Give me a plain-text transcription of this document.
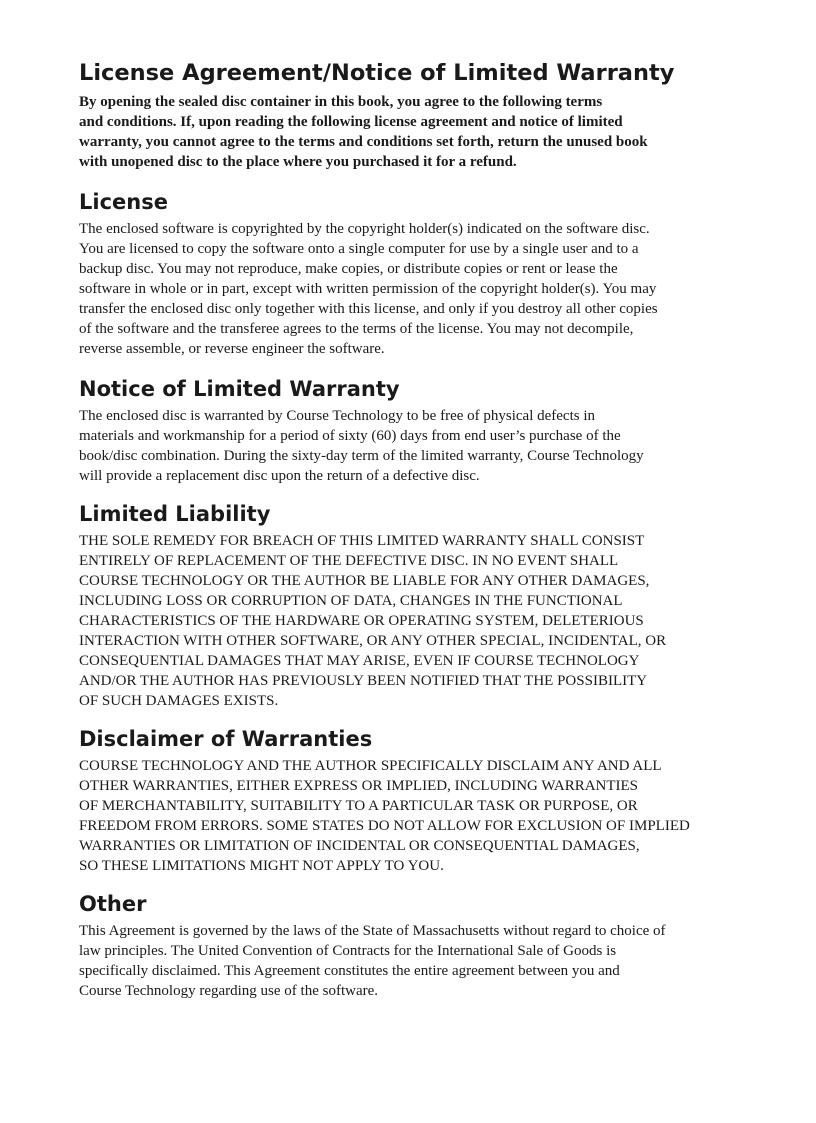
License Agreement/Notice of Limited Warranty

By opening the sealed disc container in this book, you agree to the following terms
and conditions. If, upon reading the following license agreement and notice of limited
warranty, you cannot agree to the terms and conditions set forth, return the unused book
with unopened disc to the place where you purchased it for a refund.

License

The enclosed software is copyrighted by the copyright holder(s) indicated on the software disc.
You are licensed to copy the software onto a single computer for use by a single user and to a
backup disc. You may not reproduce, make copies, or distribute copies or rent or lease the
software in whole or in part, except with written permission of the copyright holder(s). You may
transfer the enclosed disc only together with this license, and only if you destroy all other copies
of the software and the transferee agrees to the terms of the license. You may not decompile,
reverse assemble, or reverse engineer the software.

Notice of Limited Warranty

The enclosed disc is warranted by Course Technology to be free of physical defects in
materials and workmanship for a period of sixty (60) days from end user’s purchase of the
book/disc combination. During the sixty-day term of the limited warranty, Course Technology
will provide a replacement disc upon the return of a defective disc.

Limited Liability

THE SOLE REMEDY FOR BREACH OF THIS LIMITED WARRANTY SHALL CONSIST
ENTIRELY OF REPLACEMENT OF THE DEFECTIVE DISC. IN NO EVENT SHALL
COURSE TECHNOLOGY OR THE AUTHOR BE LIABLE FOR ANY OTHER DAMAGES,
INCLUDING LOSS OR CORRUPTION OF DATA, CHANGES IN THE FUNCTIONAL
CHARACTERISTICS OF THE HARDWARE OR OPERATING SYSTEM, DELETERIOUS
INTERACTION WITH OTHER SOFTWARE, OR ANY OTHER SPECIAL, INCIDENTAL, OR
CONSEQUENTIAL DAMAGES THAT MAY ARISE, EVEN IF COURSE TECHNOLOGY
AND/OR THE AUTHOR HAS PREVIOUSLY BEEN NOTIFIED THAT THE POSSIBILITY
OF SUCH DAMAGES EXISTS.

Disclaimer of Warranties

COURSE TECHNOLOGY AND THE AUTHOR SPECIFICALLY DISCLAIM ANY AND ALL
OTHER WARRANTIES, EITHER EXPRESS OR IMPLIED, INCLUDING WARRANTIES
OF MERCHANTABILITY, SUITABILITY TO A PARTICULAR TASK OR PURPOSE, OR
FREEDOM FROM ERRORS. SOME STATES DO NOT ALLOW FOR EXCLUSION OF IMPLIED
WARRANTIES OR LIMITATION OF INCIDENTAL OR CONSEQUENTIAL DAMAGES,
SO THESE LIMITATIONS MIGHT NOT APPLY TO YOU.

Other

This Agreement is governed by the laws of the State of Massachusetts without regard to choice of
law principles. The United Convention of Contracts for the International Sale of Goods is
specifically disclaimed. This Agreement constitutes the entire agreement between you and
Course Technology regarding use of the software.
